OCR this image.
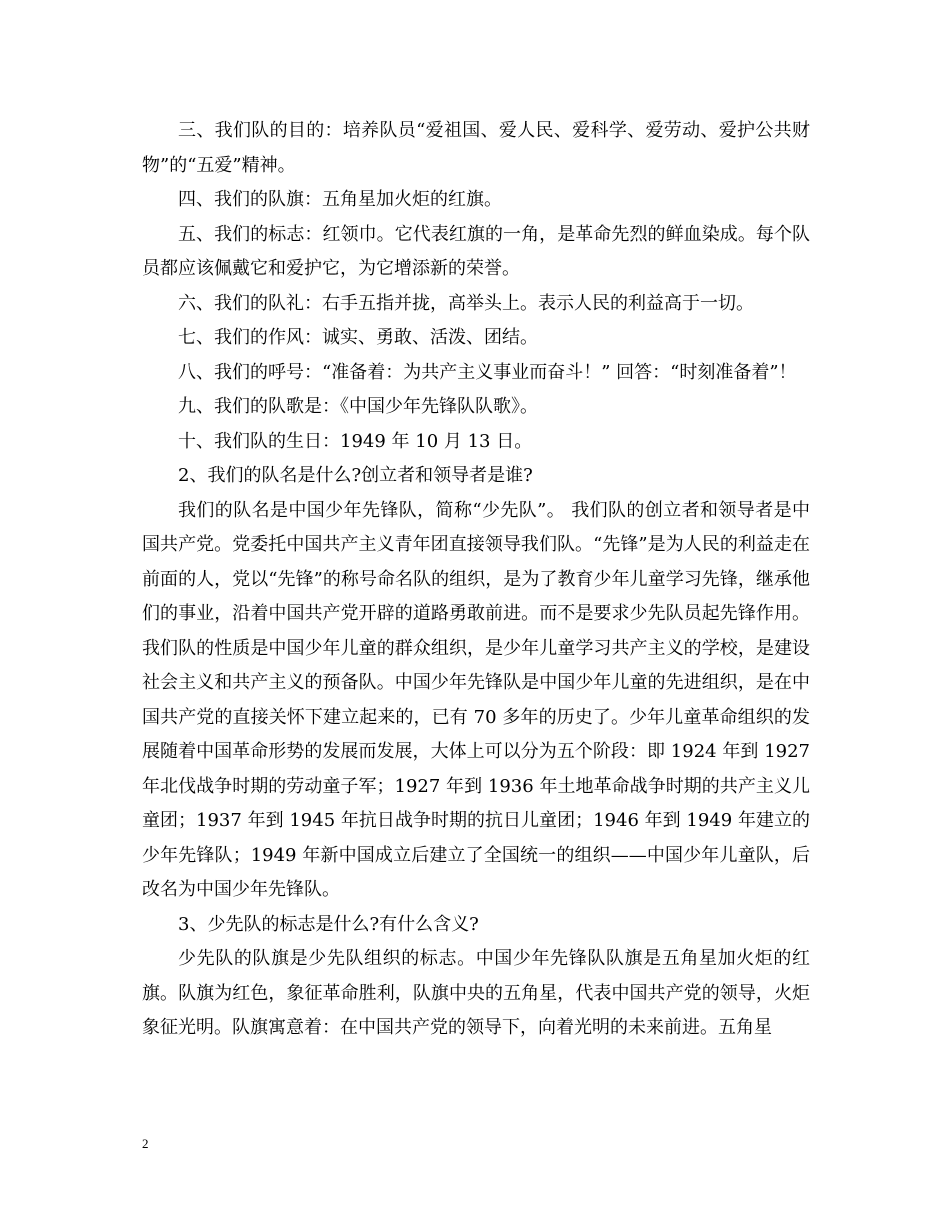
三、我们队的目的：培养队员“爱祖国、爱人民、爱科学、爱劳动、爱护公共财物”的“五爱”精神。

四、我们的队旗：五角星加火炬的红旗。

五、我们的标志：红领巾。它代表红旗的一角，是革命先烈的鲜血染成。每个队员都应该佩戴它和爱护它，为它增添新的荣誉。

六、我们的队礼：右手五指并拢，高举头上。表示人民的利益高于一切。

七、我们的作风：诚实、勇敢、活泼、团结。

八、我们的呼号：“准备着：为共产主义事业而奋斗！” 回答：“时刻准备着”！

九、我们的队歌是：《中国少年先锋队队歌》。

十、我们队的生日：1949 年 10 月 13 日。

2、我们的队名是什么?创立者和领导者是谁?

我们的队名是中国少年先锋队，简称“少先队”。 我们队的创立者和领导者是中国共产党。党委托中国共产主义青年团直接领导我们队。“先锋”是为人民的利益走在前面的人，党以“先锋”的称号命名队的组织，是为了教育少年儿童学习先锋，继承他们的事业，沿着中国共产党开辟的道路勇敢前进。而不是要求少先队员起先锋作用。我们队的性质是中国少年儿童的群众组织，是少年儿童学习共产主义的学校，是建设社会主义和共产主义的预备队。中国少年先锋队是中国少年儿童的先进组织，是在中国共产党的直接关怀下建立起来的，已有 70 多年的历史了。少年儿童革命组织的发展随着中国革命形势的发展而发展，大体上可以分为五个阶段：即 1924 年到 1927 年北伐战争时期的劳动童子军；1927 年到 1936 年土地革命战争时期的共产主义儿童团；1937 年到 1945 年抗日战争时期的抗日儿童团；1946 年到 1949 年建立的少年先锋队；1949 年新中国成立后建立了全国统一的组织——中国少年儿童队，后改名为中国少年先锋队。

3、少先队的标志是什么?有什么含义?

少先队的队旗是少先队组织的标志。中国少年先锋队队旗是五角星加火炬的红旗。队旗为红色，象征革命胜利，队旗中央的五角星，代表中国共产党的领导，火炬象征光明。队旗寓意着：在中国共产党的领导下，向着光明的未来前进。五角星

2
